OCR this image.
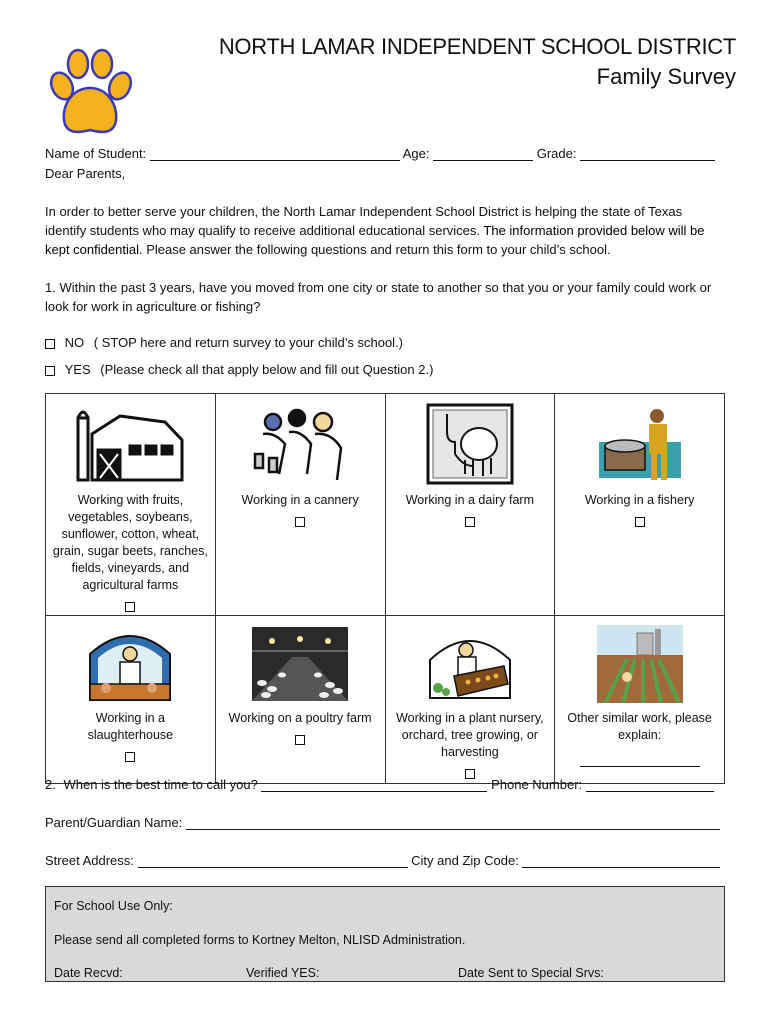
NORTH LAMAR INDEPENDENT SCHOOL DISTRICT
Family Survey
Name of Student:	Age:	Grade:
Dear Parents,
In order to better serve your children, the North Lamar Independent School District is helping the state of Texas identify students who may qualify to receive additional educational services. The information provided below will be kept confidential. Please answer the following questions and return this form to your child’s school.
1. Within the past 3 years, have you moved from one city or state to another so that you or your family could work or look for work in agriculture or fishing?
NO ( STOP here and return survey to your child’s school.)
YES (Please check all that apply below and fill out Question 2.)
Working with fruits, vegetables, soybeans, sunflower, cotton, wheat, grain, sugar beets, ranches, fields, vineyards, and agricultural farms	Working in a cannery	Working in a dairy farm	Working in a fishery

Working in a slaughterhouse	Working on a poultry farm	Working in a plant nursery, orchard, tree growing, or harvesting	Other similar work, please explain:
2. When is the best time to call you?	Phone Number:
Parent/Guardian Name:
Street Address:	City and Zip Code:
For School Use Only:
Please send all completed forms to Kortney Melton, NLISD Administration.
Date Recvd:	Verified YES:	Date Sent to Special Srvs:
